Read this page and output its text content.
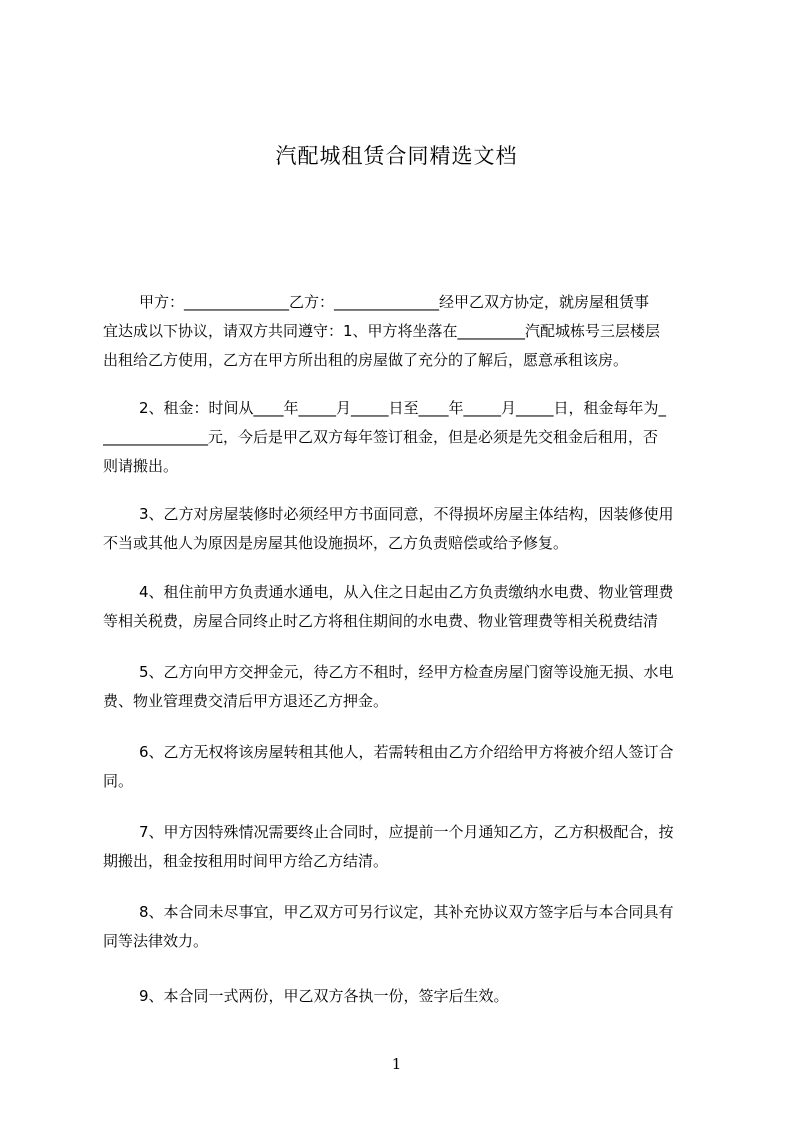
汽配城租赁合同精选文档
甲方：______________乙方：______________经甲乙双方协定，就房屋租赁事
宜达成以下协议，请双方共同遵守：1、甲方将坐落在_________汽配城栋号三层楼层
出租给乙方使用，乙方在甲方所出租的房屋做了充分的了解后，愿意承租该房。
2、租金：时间从____年_____月_____日至____年_____月_____日，租金每年为_
______________元，今后是甲乙双方每年签订租金，但是必须是先交租金后租用，否
则请搬出。
3、乙方对房屋装修时必须经甲方书面同意，不得损坏房屋主体结构，因装修使用
不当或其他人为原因是房屋其他设施损坏，乙方负责赔偿或给予修复。
4、租住前甲方负责通水通电，从入住之日起由乙方负责缴纳水电费、物业管理费
等相关税费，房屋合同终止时乙方将租住期间的水电费、物业管理费等相关税费结清
5、乙方向甲方交押金元，待乙方不租时，经甲方检查房屋门窗等设施无损、水电
费、物业管理费交清后甲方退还乙方押金。
6、乙方无权将该房屋转租其他人，若需转租由乙方介绍给甲方将被介绍人签订合
同。
7、甲方因特殊情况需要终止合同时，应提前一个月通知乙方，乙方积极配合，按
期搬出，租金按租用时间甲方给乙方结清。
8、本合同未尽事宜，甲乙双方可另行议定，其补充协议双方签字后与本合同具有
同等法律效力。
9、本合同一式两份，甲乙双方各执一份，签字后生效。
1
